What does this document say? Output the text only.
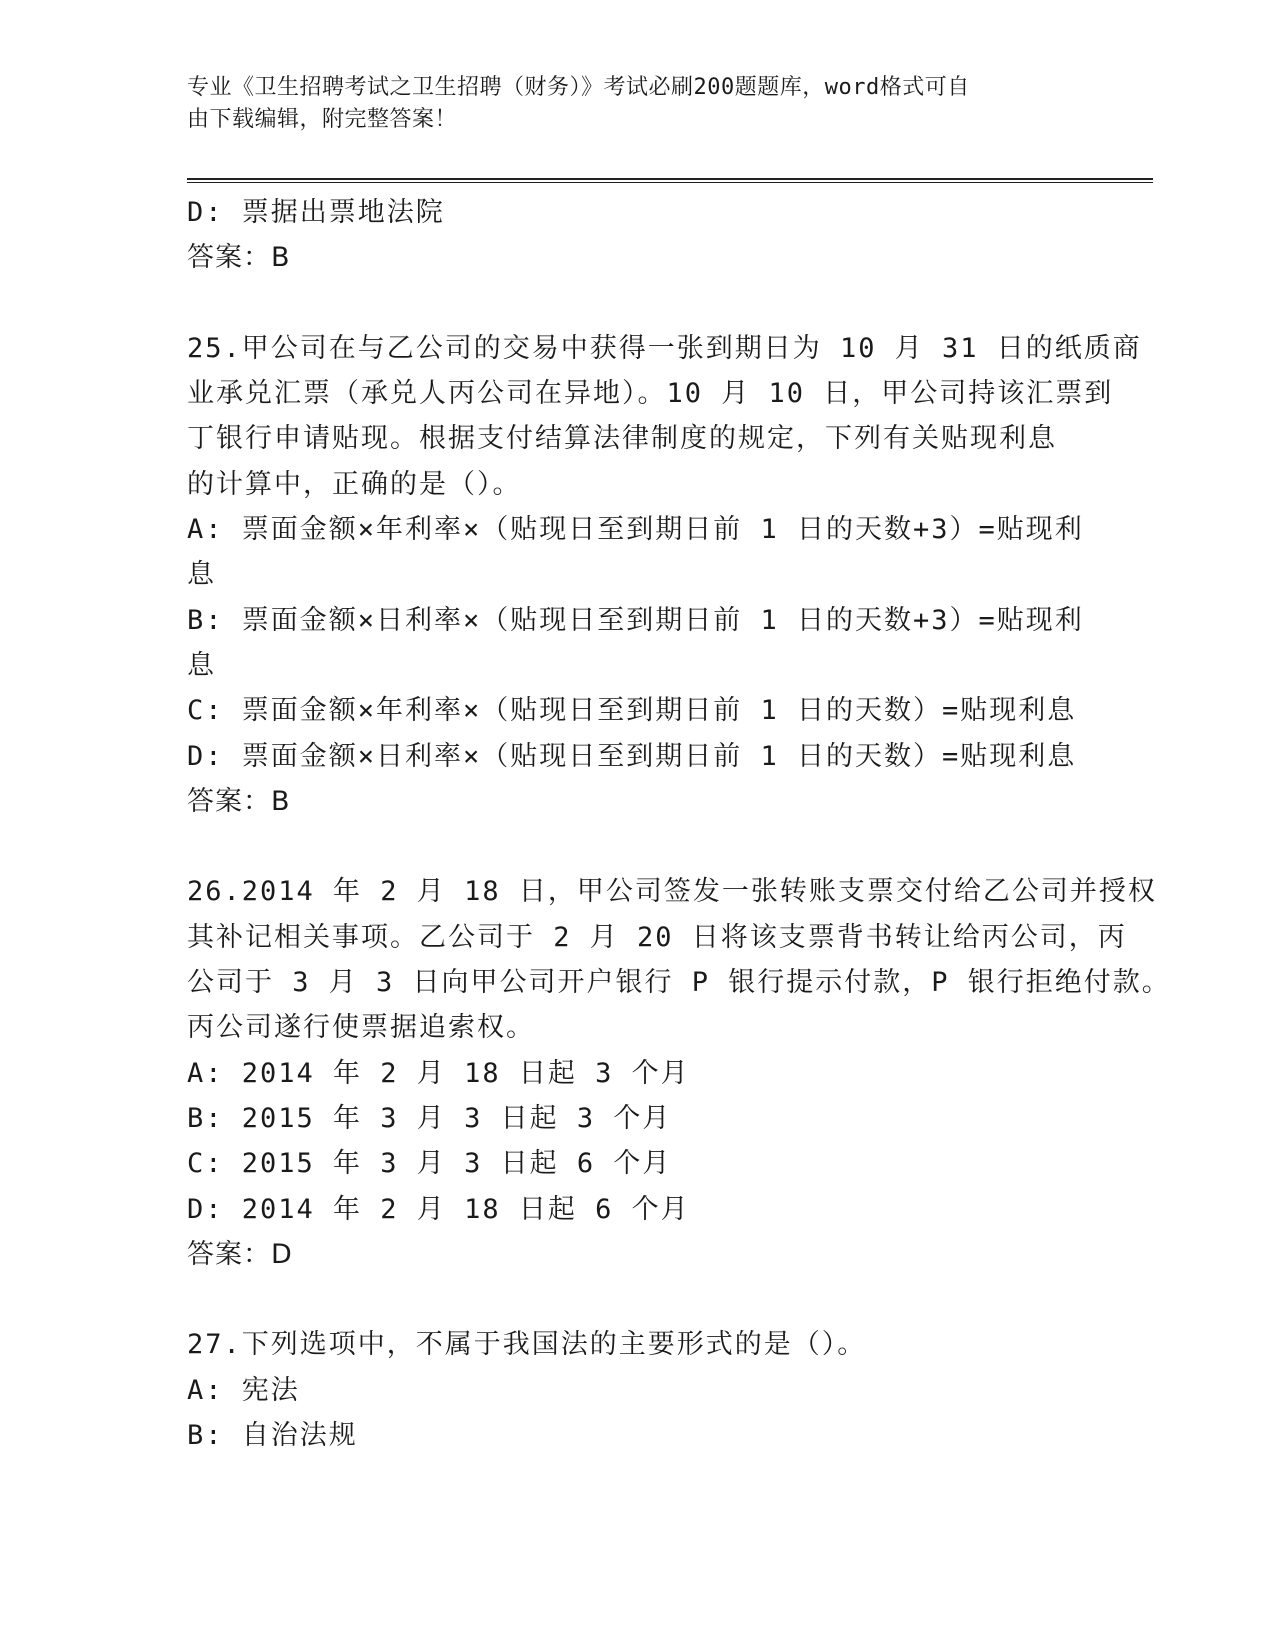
专业《卫生招聘考试之卫生招聘（财务）》考试必刷200题题库，word格式可自
由下载编辑，附完整答案！
D: 票据出票地法院
答案：B
25.甲公司在与乙公司的交易中获得一张到期日为 10 月 31 日的纸质商
业承兑汇票（承兑人丙公司在异地）。10 月 10 日，甲公司持该汇票到
丁银行申请贴现。根据支付结算法律制度的规定，下列有关贴现利息
的计算中，正确的是（）。
A: 票面金额×年利率×（贴现日至到期日前 1 日的天数+3）=贴现利
息
B: 票面金额×日利率×（贴现日至到期日前 1 日的天数+3）=贴现利
息
C: 票面金额×年利率×（贴现日至到期日前 1 日的天数）=贴现利息
D: 票面金额×日利率×（贴现日至到期日前 1 日的天数）=贴现利息
答案：B
26.2014 年 2 月 18 日，甲公司签发一张转账支票交付给乙公司并授权
其补记相关事项。乙公司于 2 月 20 日将该支票背书转让给丙公司，丙
公司于 3 月 3 日向甲公司开户银行 P 银行提示付款，P 银行拒绝付款。
丙公司遂行使票据追索权。
A: 2014 年 2 月 18 日起 3 个月
B: 2015 年 3 月 3 日起 3 个月
C: 2015 年 3 月 3 日起 6 个月
D: 2014 年 2 月 18 日起 6 个月
答案：D
27.下列选项中，不属于我国法的主要形式的是（）。
A: 宪法
B: 自治法规
